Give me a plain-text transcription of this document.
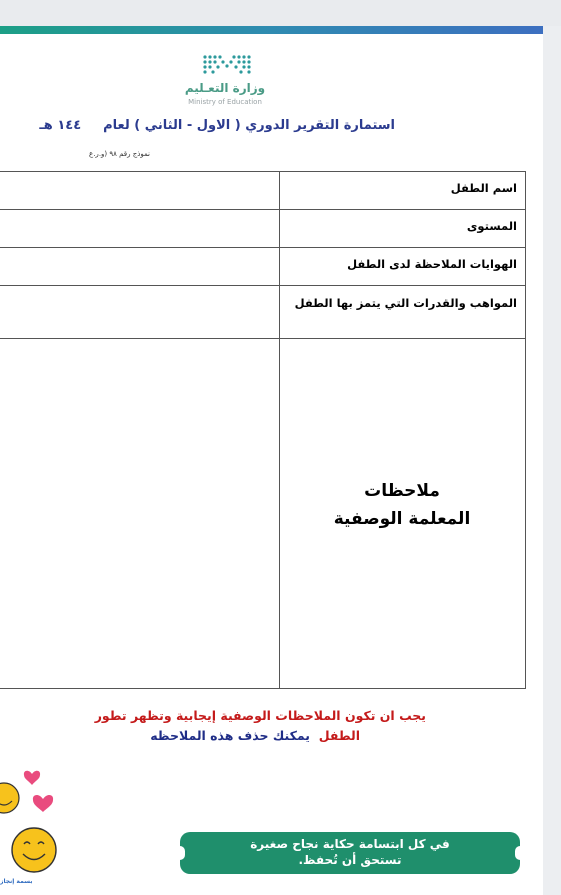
وزارة التعـليم
Ministry of Education
استمارة التقرير الدوري ( الاول - الثاني ) لعام١٤٤ هـ
نموذج رقم ٩٨ (و.ر.ع
اسم الطفل
المستوى
الهوايات الملاحظة لدى الطفل
المواهب والقدرات التي يتمز بها الطفل
ملاحظات
المعلمة الوصفية
يجب ان تكون الملاحظات الوصفية إيجابية وتظهر تطور
الطفل  يمكنك حذف هذه الملاحظه
بسمة إنجاز
في كل ابتسامة حكاية نجاح صغيرة
تستحق أن تُحفظ.
